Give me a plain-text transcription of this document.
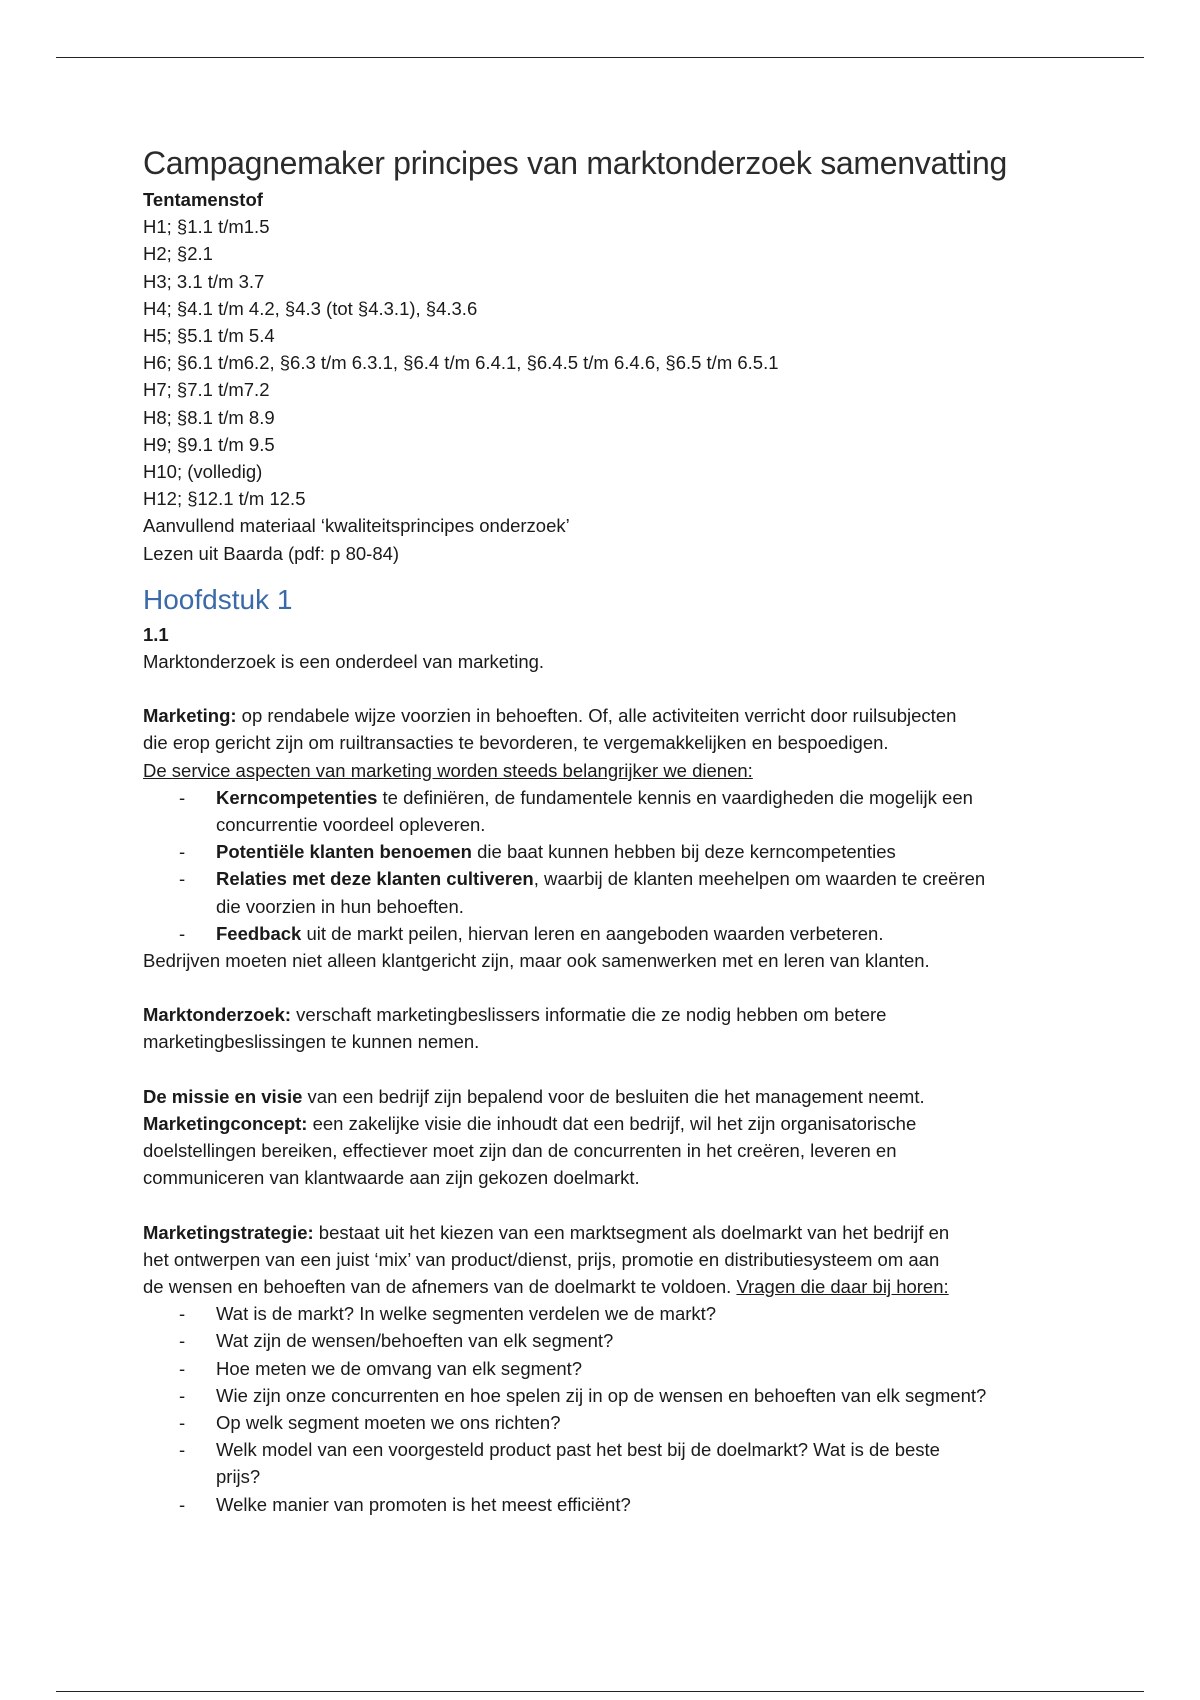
Campagnemaker principes van marktonderzoek samenvatting

Tentamenstof

H1; §1.1 t/m1.5

H2; §2.1

H3; 3.1 t/m 3.7

H4; §4.1 t/m 4.2, §4.3 (tot §4.3.1), §4.3.6

H5; §5.1 t/m 5.4

H6; §6.1 t/m6.2, §6.3 t/m 6.3.1, §6.4 t/m 6.4.1, §6.4.5 t/m 6.4.6, §6.5 t/m 6.5.1

H7; §7.1 t/m7.2

H8; §8.1 t/m 8.9

H9; §9.1 t/m 9.5

H10; (volledig)

H12; §12.1 t/m 12.5

Aanvullend materiaal ‘kwaliteitsprincipes onderzoek’

Lezen uit Baarda (pdf: p 80-84)

Hoofdstuk 1

1.1

Marktonderzoek is een onderdeel van marketing.

Marketing: op rendabele wijze voorzien in behoeften. Of, alle activiteiten verricht door ruilsubjecten

die erop gericht zijn om ruiltransacties te bevorderen, te vergemakkelijken en bespoedigen.

De service aspecten van marketing worden steeds belangrijker we dienen:

- Kerncompetenties te definiëren, de fundamentele kennis en vaardigheden die mogelijk een
concurrentie voordeel opleveren.
- Potentiële klanten benoemen die baat kunnen hebben bij deze kerncompetenties
- Relaties met deze klanten cultiveren, waarbij de klanten meehelpen om waarden te creëren
die voorzien in hun behoeften.
- Feedback uit de markt peilen, hiervan leren en aangeboden waarden verbeteren.

Bedrijven moeten niet alleen klantgericht zijn, maar ook samenwerken met en leren van klanten.

Marktonderzoek: verschaft marketingbeslissers informatie die ze nodig hebben om betere

marketingbeslissingen te kunnen nemen.

De missie en visie van een bedrijf zijn bepalend voor de besluiten die het management neemt.

Marketingconcept: een zakelijke visie die inhoudt dat een bedrijf, wil het zijn organisatorische

doelstellingen bereiken, effectiever moet zijn dan de concurrenten in het creëren, leveren en

communiceren van klantwaarde aan zijn gekozen doelmarkt.

Marketingstrategie: bestaat uit het kiezen van een marktsegment als doelmarkt van het bedrijf en

het ontwerpen van een juist ‘mix’ van product/dienst, prijs, promotie en distributiesysteem om aan

de wensen en behoeften van de afnemers van de doelmarkt te voldoen. Vragen die daar bij horen:

- Wat is de markt? In welke segmenten verdelen we de markt?
- Wat zijn de wensen/behoeften van elk segment?
- Hoe meten we de omvang van elk segment?
- Wie zijn onze concurrenten en hoe spelen zij in op de wensen en behoeften van elk segment?
- Op welk segment moeten we ons richten?
- Welk model van een voorgesteld product past het best bij de doelmarkt? Wat is de beste
prijs?
- Welke manier van promoten is het meest efficiënt?
